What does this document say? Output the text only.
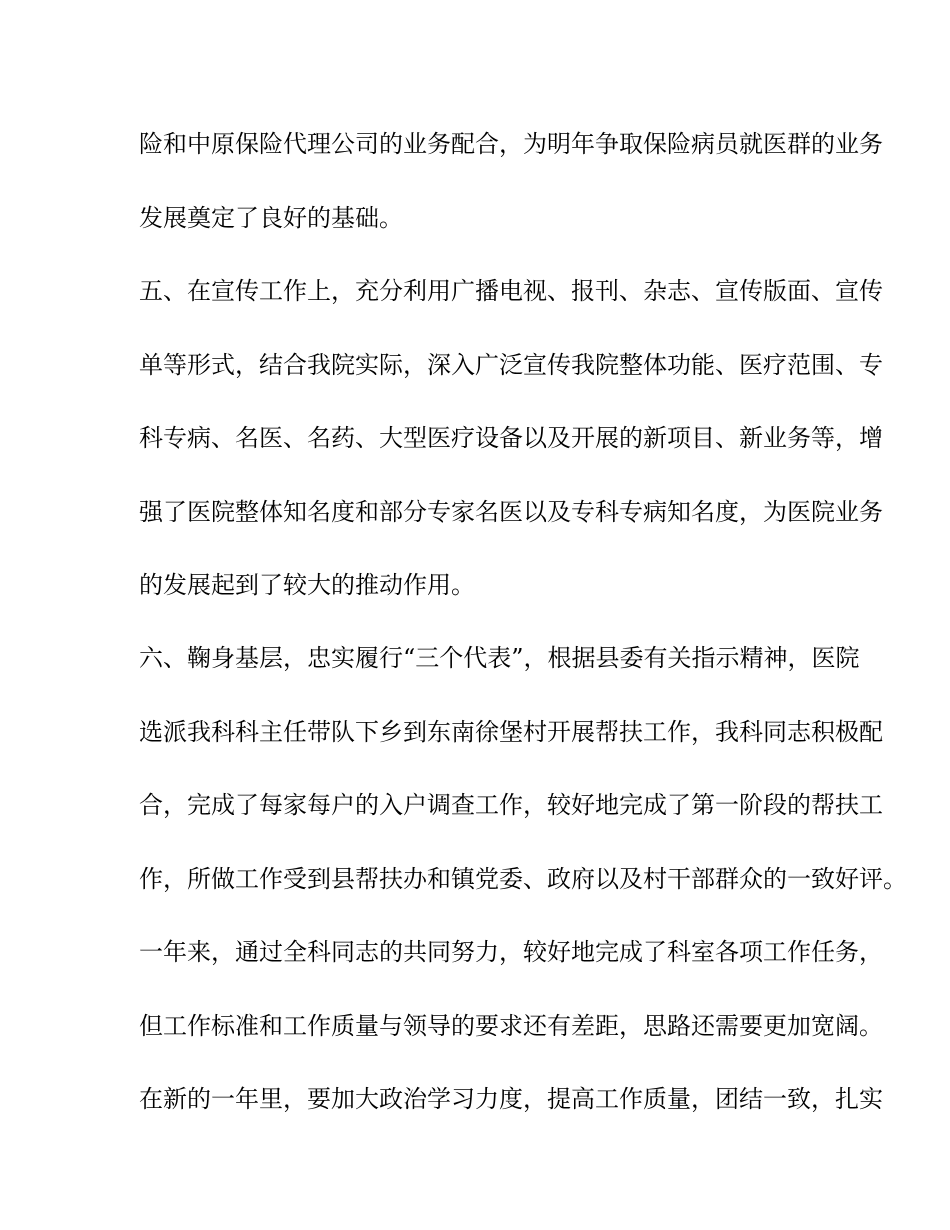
险和中原保险代理公司的业务配合，为明年争取保险病员就医群的业务
发展奠定了良好的基础。
五、在宣传工作上，充分利用广播电视、报刊、杂志、宣传版面、宣传
单等形式，结合我院实际，深入广泛宣传我院整体功能、医疗范围、专
科专病、名医、名药、大型医疗设备以及开展的新项目、新业务等，增
强了医院整体知名度和部分专家名医以及专科专病知名度，为医院业务
的发展起到了较大的推动作用。
六、鞠身基层，忠实履行“三个代表”，根据县委有关指示精神，医院
选派我科科主任带队下乡到东南徐堡村开展帮扶工作，我科同志积极配
合，完成了每家每户的入户调查工作，较好地完成了第一阶段的帮扶工
作，所做工作受到县帮扶办和镇党委、政府以及村干部群众的一致好评。
一年来，通过全科同志的共同努力，较好地完成了科室各项工作任务，
但工作标准和工作质量与领导的要求还有差距，思路还需要更加宽阔。
在新的一年里，要加大政治学习力度，提高工作质量，团结一致，扎实
